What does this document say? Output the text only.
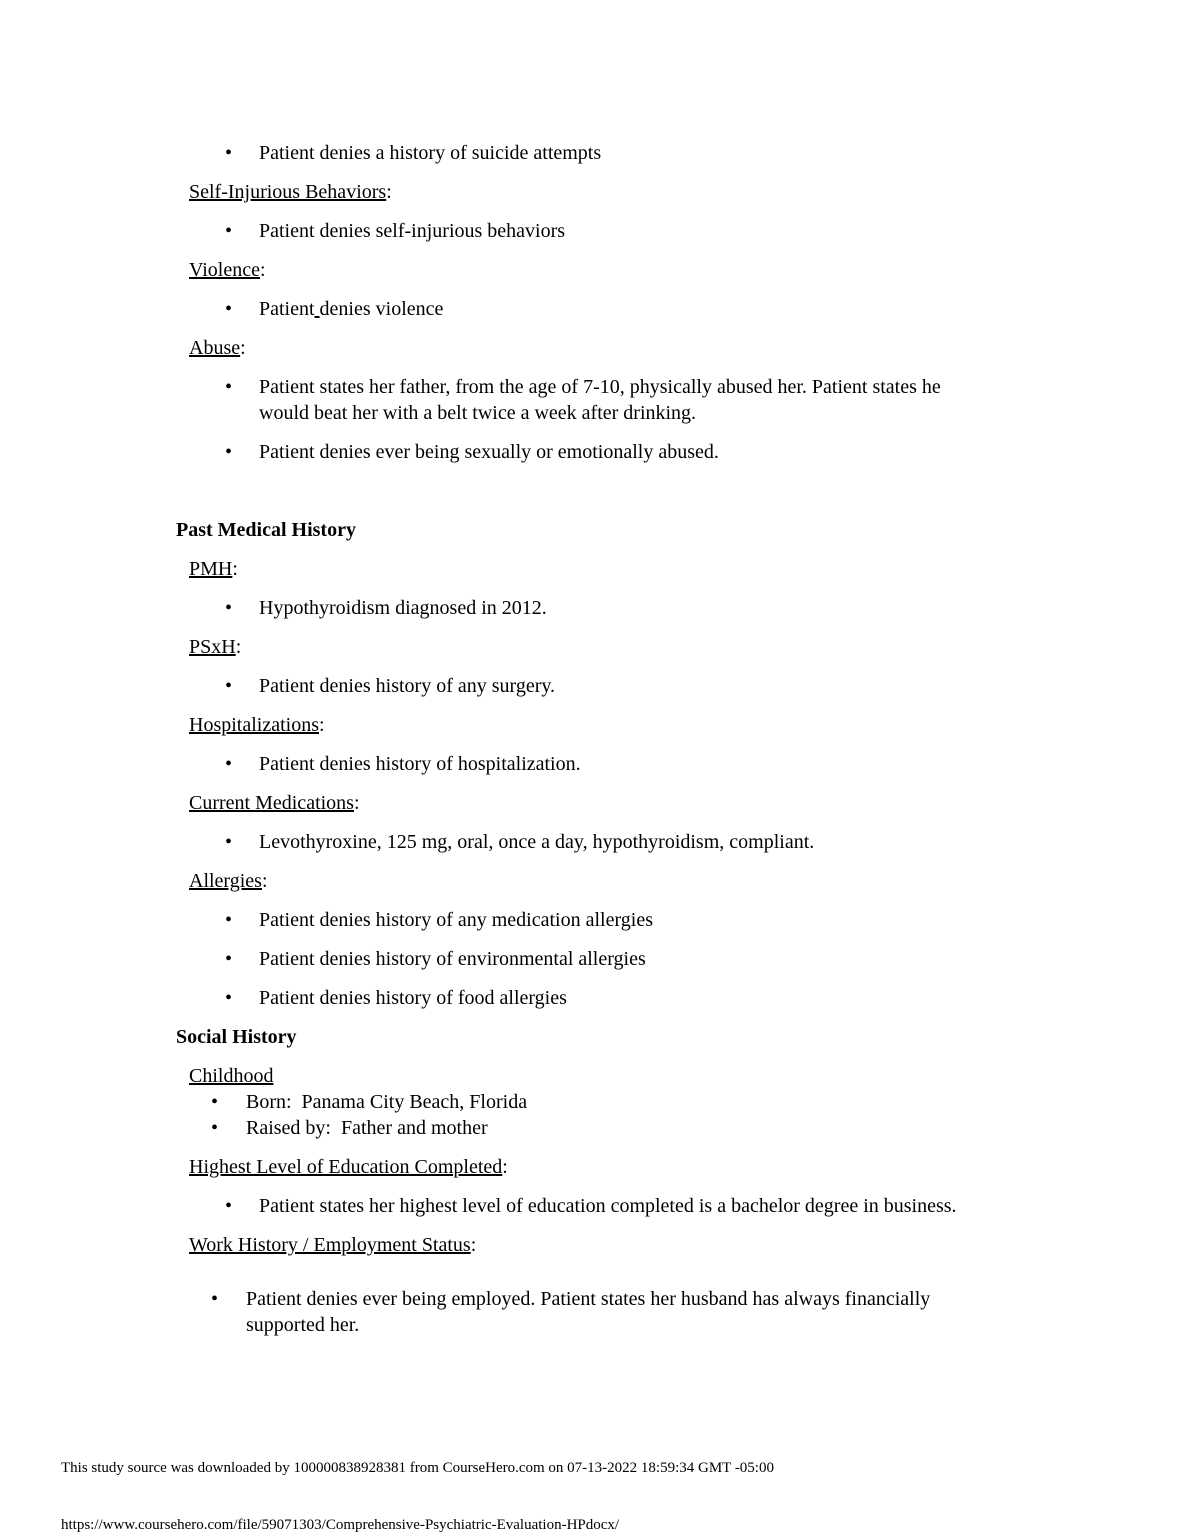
• Patient denies a history of suicide attempts
Self-Injurious Behaviors:
• Patient denies self-injurious behaviors
Violence:
• Patient denies violence
Abuse:
• Patient states her father, from the age of 7-10, physically abused her. Patient states he would beat her with a belt twice a week after drinking.
• Patient denies ever being sexually or emotionally abused.
Past Medical History
PMH:
• Hypothyroidism diagnosed in 2012.
PSxH:
• Patient denies history of any surgery.
Hospitalizations:
• Patient denies history of hospitalization.
Current Medications:
• Levothyroxine, 125 mg, oral, once a day, hypothyroidism, compliant.
Allergies:
• Patient denies history of any medication allergies
• Patient denies history of environmental allergies
• Patient denies history of food allergies
Social History
Childhood
• Born:  Panama City Beach, Florida
• Raised by:  Father and mother
Highest Level of Education Completed:
• Patient states her highest level of education completed is a bachelor degree in business.
Work History / Employment Status:
• Patient denies ever being employed. Patient states her husband has always financially supported her.
This study source was downloaded by 100000838928381 from CourseHero.com on 07-13-2022 18:59:34 GMT -05:00
https://www.coursehero.com/file/59071303/Comprehensive-Psychiatric-Evaluation-HPdocx/
